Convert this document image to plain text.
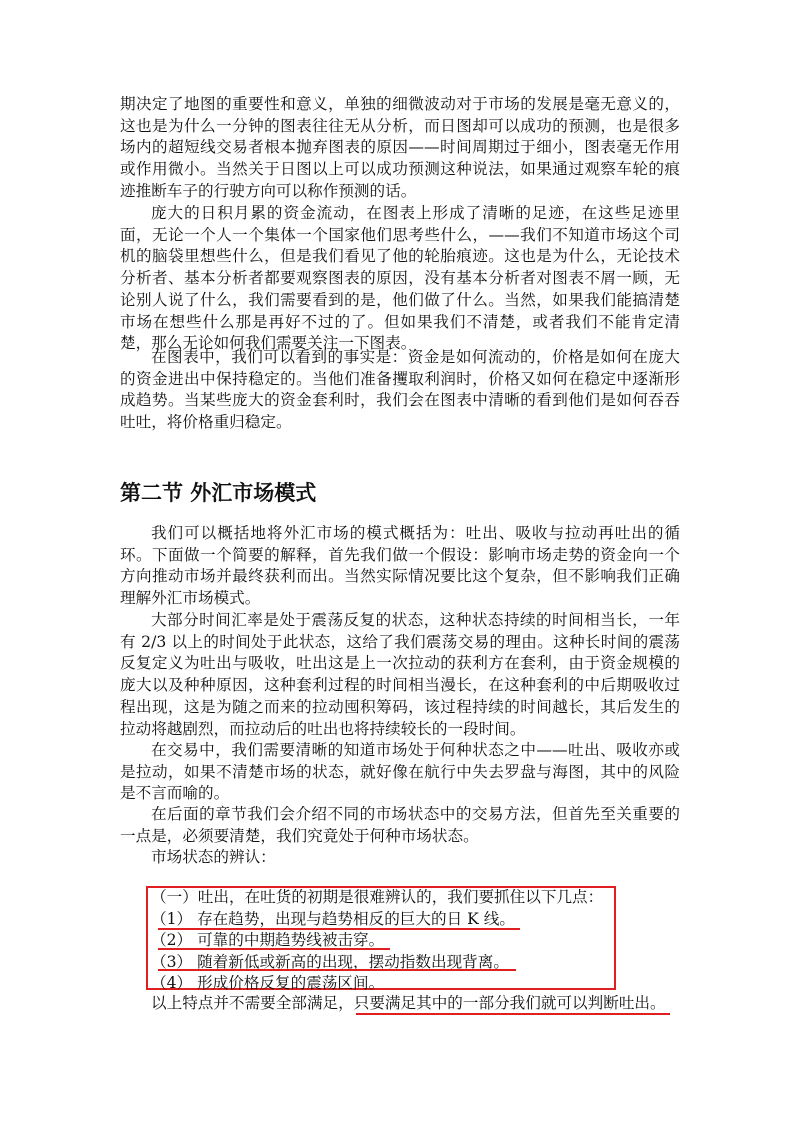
期决定了地图的重要性和意义，单独的细微波动对于市场的发展是毫无意义的，这也是为什么一分钟的图表往往无从分析，而日图却可以成功的预测，也是很多场内的超短线交易者根本抛弃图表的原因——时间周期过于细小，图表毫无作用或作用微小。当然关于日图以上可以成功预测这种说法，如果通过观察车轮的痕迹推断车子的行驶方向可以称作预测的话。

庞大的日积月累的资金流动，在图表上形成了清晰的足迹，在这些足迹里面，无论一个人一个集体一个国家他们思考些什么，——我们不知道市场这个司机的脑袋里想些什么，但是我们看见了他的轮胎痕迹。这也是为什么，无论技术分析者、基本分析者都要观察图表的原因，没有基本分析者对图表不屑一顾，无论别人说了什么，我们需要看到的是，他们做了什么。当然，如果我们能搞清楚市场在想些什么那是再好不过的了。但如果我们不清楚，或者我们不能肯定清楚，那么无论如何我们需要关注一下图表。

在图表中，我们可以看到的事实是：资金是如何流动的，价格是如何在庞大的资金进出中保持稳定的。当他们准备攫取利润时，价格又如何在稳定中逐渐形成趋势。当某些庞大的资金套利时，我们会在图表中清晰的看到他们是如何吞吞吐吐，将价格重归稳定。

第二节 外汇市场模式

我们可以概括地将外汇市场的模式概括为：吐出、吸收与拉动再吐出的循环。下面做一个简要的解释，首先我们做一个假设：影响市场走势的资金向一个方向推动市场并最终获利而出。当然实际情况要比这个复杂，但不影响我们正确理解外汇市场模式。

大部分时间汇率是处于震荡反复的状态，这种状态持续的时间相当长，一年有 2/3 以上的时间处于此状态，这给了我们震荡交易的理由。这种长时间的震荡反复定义为吐出与吸收，吐出这是上一次拉动的获利方在套利，由于资金规模的庞大以及种种原因，这种套利过程的时间相当漫长，在这种套利的中后期吸收过程出现，这是为随之而来的拉动囤积筹码，该过程持续的时间越长，其后发生的拉动将越剧烈，而拉动后的吐出也将持续较长的一段时间。

在交易中，我们需要清晰的知道市场处于何种状态之中——吐出、吸收亦或是拉动，如果不清楚市场的状态，就好像在航行中失去罗盘与海图，其中的风险是不言而喻的。

在后面的章节我们会介绍不同的市场状态中的交易方法，但首先至关重要的一点是，必须要清楚，我们究竟处于何种市场状态。

市场状态的辨认：

（一）吐出，在吐货的初期是很难辨认的，我们要抓住以下几点：

（1） 存在趋势，出现与趋势相反的巨大的日 K 线。

（2） 可靠的中期趋势线被击穿。

（3） 随着新低或新高的出现，摆动指数出现背离。

（4） 形成价格反复的震荡区间。

以上特点并不需要全部满足，只要满足其中的一部分我们就可以判断吐出。
